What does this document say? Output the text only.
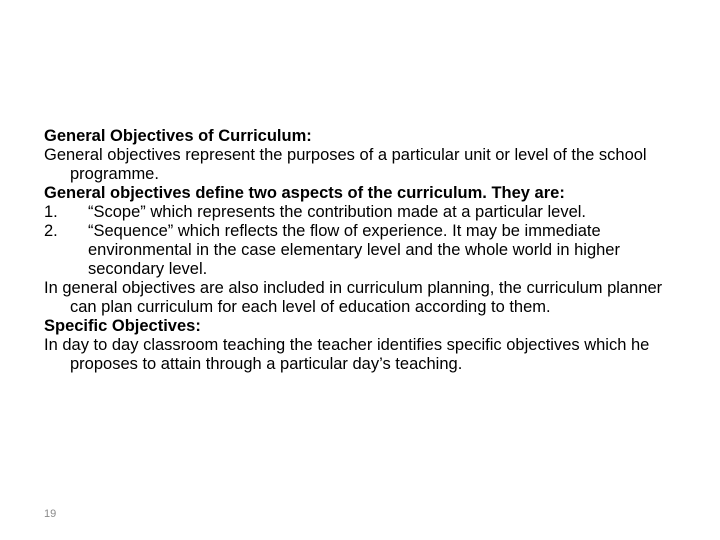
General Objectives of Curriculum:

General objectives represent the purposes of a particular unit or level of the school programme.

General objectives define two aspects of the curriculum. They are:

1. “Scope” which represents the contribution made at a particular level.
2. “Sequence” which reflects the flow of experience. It may be immediate environmental in the case elementary level and the whole world in higher secondary level.

In general objectives are also included in curriculum planning, the curriculum planner can plan curriculum for each level of education according to them.

Specific Objectives:

In day to day classroom teaching the teacher identifies specific objectives which he proposes to attain through a particular day’s teaching.

19
